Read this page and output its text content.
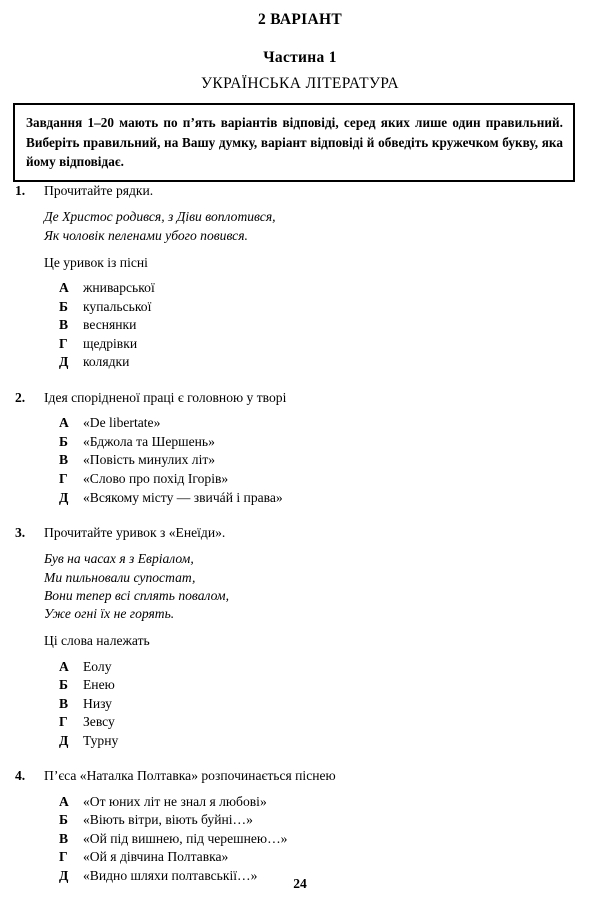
2 ВАРІАНТ
Частина 1
УКРАЇНСЬКА ЛІТЕРАТУРА

Завдання 1–20 мають по п’ять варіантів відповіді, серед яких лише один правильний. Виберіть правильний, на Вашу думку, варіант відповіді й обведіть кружечком букву, яка йому відповідає.

1. Прочитайте рядки.

Де Христос родився, з Діви воплотився,
Як чоловік пеленами убого повився.

Це уривок із пісні

А жниварської
Б купальської
В веснянки
Г щедрівки
Д колядки

2. Ідея спорідненої праці є головною у творі

А «De libertate»
Б «Бджола та Шершень»
В «Повість минулих літ»
Г «Слово про похід Ігорів»
Д «Всякому місту — звичáй і права»

3. Прочитайте уривок з «Енеїди».

Був на часах я з Евріалом,
Ми пильновали супостат,
Вони тепер всі сплять повалом,
Уже огні їх не горять.

Ці слова належать

А Еолу
Б Енею
В Низу
Г Зевсу
Д Турну

4. П’єса «Наталка Полтавка» розпочинається піснею

А «От юних літ не знал я любові»
Б «Віють вітри, віють буйні…»
В «Ой під вишнею, під черешнею…»
Г «Ой я дівчина Полтавка»
Д «Видно шляхи полтавськії…»
24
